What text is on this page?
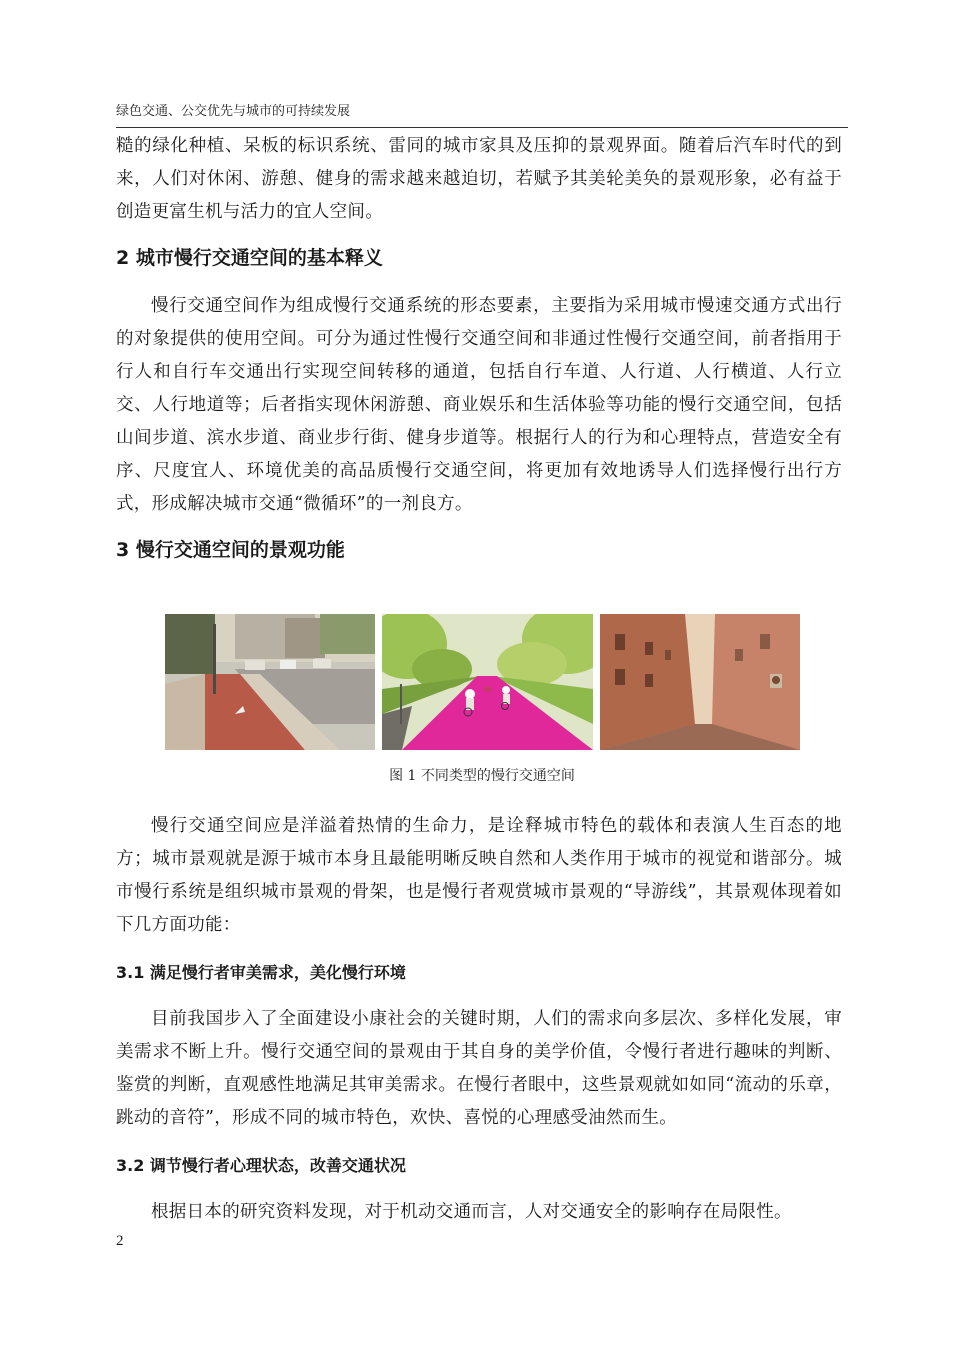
绿色交通、公交优先与城市的可持续发展

糙的绿化种植、呆板的标识系统、雷同的城市家具及压抑的景观界面。随着后汽车时代的到来，人们对休闲、游憩、健身的需求越来越迫切，若赋予其美轮美奂的景观形象，必有益于创造更富生机与活力的宜人空间。

2 城市慢行交通空间的基本释义

慢行交通空间作为组成慢行交通系统的形态要素，主要指为采用城市慢速交通方式出行的对象提供的使用空间。可分为通过性慢行交通空间和非通过性慢行交通空间，前者指用于行人和自行车交通出行实现空间转移的通道，包括自行车道、人行道、人行横道、人行立交、人行地道等；后者指实现休闲游憩、商业娱乐和生活体验等功能的慢行交通空间，包括山间步道、滨水步道、商业步行街、健身步道等。根据行人的行为和心理特点，营造安全有序、尺度宜人、环境优美的高品质慢行交通空间，将更加有效地诱导人们选择慢行出行方式，形成解决城市交通“微循环”的一剂良方。

3 慢行交通空间的景观功能
图 1 不同类型的慢行交通空间

慢行交通空间应是洋溢着热情的生命力，是诠释城市特色的载体和表演人生百态的地方；城市景观就是源于城市本身且最能明晰反映自然和人类作用于城市的视觉和谐部分。城市慢行系统是组织城市景观的骨架，也是慢行者观赏城市景观的“导游线”，其景观体现着如下几方面功能：

3.1 满足慢行者审美需求，美化慢行环境

目前我国步入了全面建设小康社会的关键时期，人们的需求向多层次、多样化发展，审美需求不断上升。慢行交通空间的景观由于其自身的美学价值，令慢行者进行趣味的判断、鉴赏的判断，直观感性地满足其审美需求。在慢行者眼中，这些景观就如如同“流动的乐章，跳动的音符”，形成不同的城市特色，欢快、喜悦的心理感受油然而生。

3.2 调节慢行者心理状态，改善交通状况

根据日本的研究资料发现，对于机动交通而言，人对交通安全的影响存在局限性。

2
